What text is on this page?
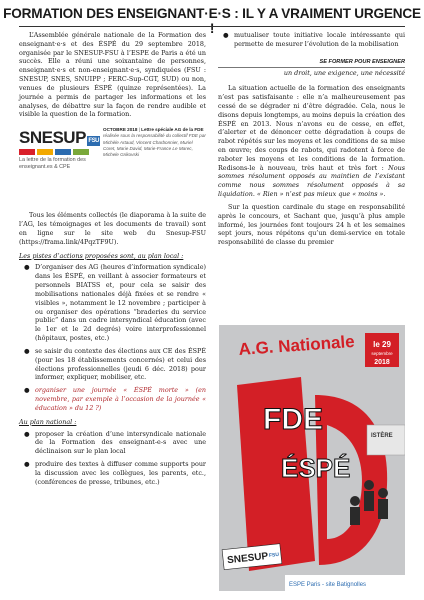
FORMATION DES ENSEIGNANT·E·S : IL Y A VRAIMENT URGENCE !

L’Assemblée générale nationale de la Formation des enseignant·e·s et des ÉSPÉ du 29 septembre 2018, organisée par le SNESUP-FSU à l’ESPE de Paris a été un succès. Elle a réuni une soixantaine de personnes, enseignant·e·s et non-enseignant·e·s, syndiquées (FSU : SNESUP, SNES, SNUIPP ; FERC-Sup-CGT, SUD) ou non, venues de plusieurs ÉSPÉ (quinze représentées). La journée a permis de partager les informations et les analyses, de débattre sur la façon de rendre audible et visible la question de la formation.

SNESUP FSU
La lettre de la formation des enseignant.es & CPE
OCTOBRE 2018 | Lettre spéciale AG de la FDE réalisée sous la responsabilité du collectif FDE par Michèle Artaud, Vincent Charbonnier, Muriel Coret, Marie David, Marie-France Le Marec, Michele Grikovski

Tous les éléments collectés (le diaporama à la suite de l’AG, les témoignages et les documents de travail) sont en ligne sur le site web du Snesup-FSU (https://frama.link/4PqzTF9U).

Les pistes d’actions proposées sont, au plan local :

● D’organiser des AG (heures d’information syndicale) dans les ÉSPÉ, en veillant à associer formateurs et personnels BIATSS et, pour cela se saisir des mobilisations nationales déjà fixées et se rendre « visibles », notamment le 12 novembre ; participer à ou organiser des opérations “braderies du service public” dans un cadre intersyndical éducation (avec le 1er et le 2d degrés) voire interprofessionnel (hôpitaux, postes, etc.)
● se saisir du contexte des élections aux CE des ÉSPÉ (pour les 18 établissements concernés) et celui des élections professionnelles (jeudi 6 déc. 2018) pour informer, expliquer, mobiliser, etc.
● organiser une journée « ÉSPÉ morte » (en novembre, par exemple à l’occasion de la journée « éducation » du 12 ?)

Au plan national :

● proposer la création d’une intersyndicale nationale de la Formation des enseignant-e-s avec une déclinaison sur le plan local
● produire des textes à diffuser comme supports pour la discussion avec les collègues, les parents, etc., (conférences de presse, tribunes, etc.)
● mutualiser toute initiative locale intéressante qui permette de mesurer l’évolution de la mobilisation
SE FORMER POUR ENSEIGNER
un droit, une exigence, une nécessité

La situation actuelle de la formation des enseignants n’est pas satisfaisante : elle n’a malheureusement pas cessé de se dégrader ni d’être dégradée. Cela, nous le disons depuis longtemps, au moins depuis la création des ÉSPÉ en 2013. Nous n’avons eu de cesse, en effet, d’alerter et de dénoncer cette dégradation à coups de rabot répétés sur les moyens et les conditions de sa mise en œuvre; des coups de rabots, qui radotent à force de raboter les moyens et les conditions de la formation. Redisons-le à nouveau, très haut et très fort : Nous sommes résolument opposés au maintien de l’existant comme nous sommes résolument opposés à sa liquidation. « Rien » n’est pas mieux que « moins ».

Sur la question cardinale du stage en responsabilité après le concours, et Sachant que, jusqu’à plus ample informé, les journées font toujours 24 h et les semaines sept jours, nous répétons qu’un demi-service en totale responsabilité de classe du premier

A.G. Nationale
FDE
ÉSPÉ
le 29
septembre
2018
ISTÈRE
SNESUP FSU
ESPE Paris - site Batignolles
